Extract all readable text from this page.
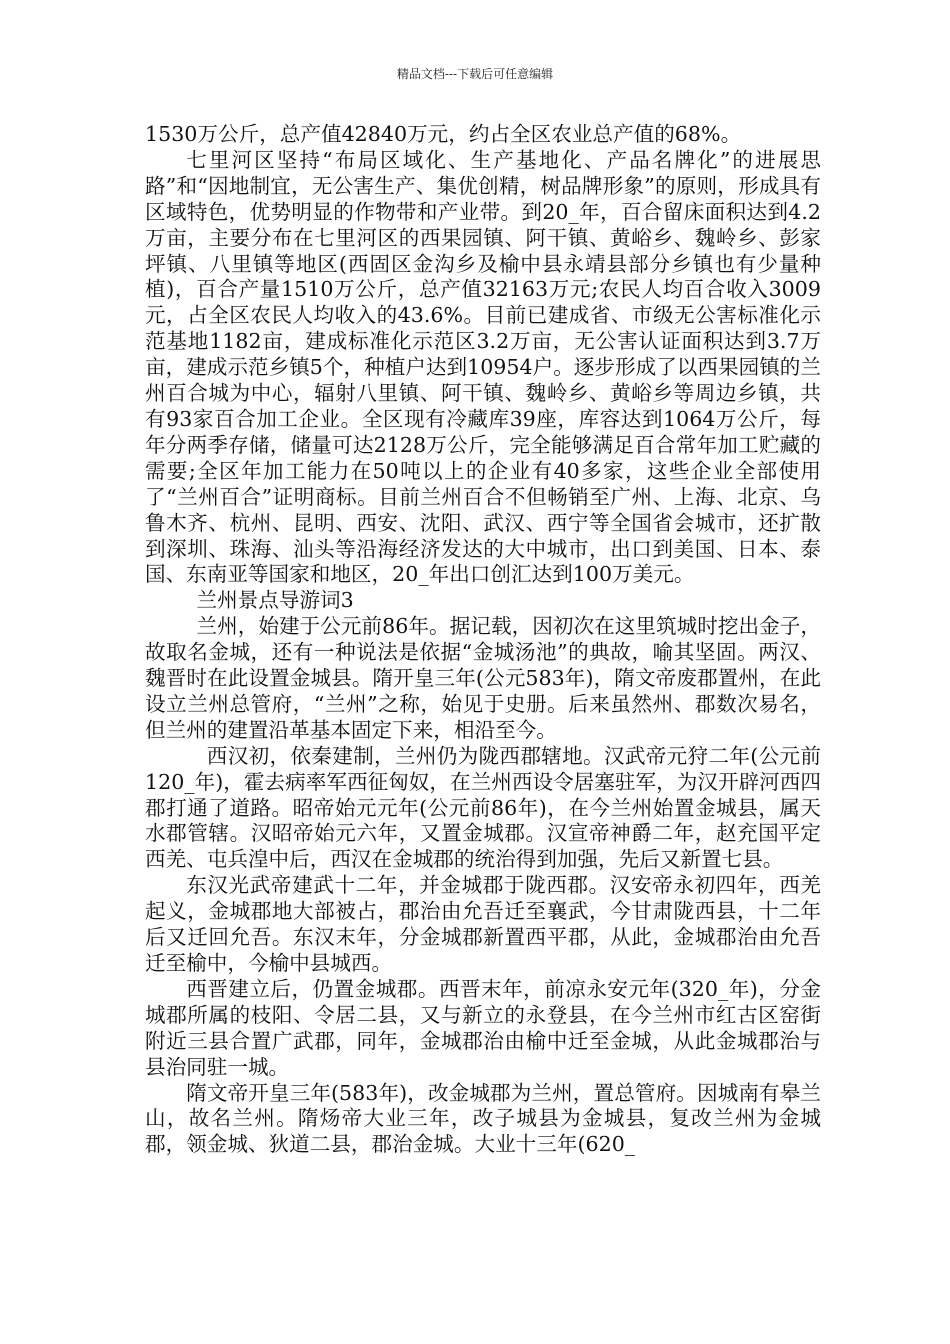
精品文档---下载后可任意编辑

1530万公斤，总产值42840万元，约占全区农业总产值的68%。

七里河区坚持“布局区域化、生产基地化、产品名牌化”的进展思路”和“因地制宜，无公害生产、集优创精，树品牌形象”的原则，形成具有区域特色，优势明显的作物带和产业带。到20_年，百合留床面积达到4.2万亩，主要分布在七里河区的西果园镇、阿干镇、黄峪乡、魏岭乡、彭家坪镇、八里镇等地区(西固区金沟乡及榆中县永靖县部分乡镇也有少量种植)，百合产量1510万公斤，总产值32163万元;农民人均百合收入3009元，占全区农民人均收入的43.6%。目前已建成省、市级无公害标准化示范基地1182亩，建成标准化示范区3.2万亩，无公害认证面积达到3.7万亩，建成示范乡镇5个，种植户达到10954户。逐步形成了以西果园镇的兰州百合城为中心，辐射八里镇、阿干镇、魏岭乡、黄峪乡等周边乡镇，共有93家百合加工企业。全区现有冷藏库39座，库容达到1064万公斤，每年分两季存储，储量可达2128万公斤，完全能够满足百合常年加工贮藏的需要;全区年加工能力在50吨以上的企业有40多家，这些企业全部使用了“兰州百合”证明商标。目前兰州百合不但畅销至广州、上海、北京、乌鲁木齐、杭州、昆明、西安、沈阳、武汉、西宁等全国省会城市，还扩散到深圳、珠海、汕头等沿海经济发达的大中城市，出口到美国、日本、泰国、东南亚等国家和地区，20_年出口创汇达到100万美元。

兰州景点导游词3

兰州，始建于公元前86年。据记载，因初次在这里筑城时挖出金子，故取名金城，还有一种说法是依据“金城汤池”的典故，喻其坚固。两汉、魏晋时在此设置金城县。隋开皇三年(公元583年)，隋文帝废郡置州，在此设立兰州总管府，“兰州”之称，始见于史册。后来虽然州、郡数次易名，但兰州的建置沿革基本固定下来，相沿至今。

西汉初，依秦建制，兰州仍为陇西郡辖地。汉武帝元狩二年(公元前120_年)，霍去病率军西征匈奴，在兰州西设令居塞驻军，为汉开辟河西四郡打通了道路。昭帝始元元年(公元前86年)，在今兰州始置金城县，属天水郡管辖。汉昭帝始元六年，又置金城郡。汉宣帝神爵二年，赵充国平定西羌、屯兵湟中后，西汉在金城郡的统治得到加强，先后又新置七县。

东汉光武帝建武十二年，并金城郡于陇西郡。汉安帝永初四年，西羌起义，金城郡地大部被占，郡治由允吾迁至襄武，今甘肃陇西县，十二年后又迁回允吾。东汉末年，分金城郡新置西平郡，从此，金城郡治由允吾迁至榆中，今榆中县城西。

西晋建立后，仍置金城郡。西晋末年，前凉永安元年(320_年)，分金城郡所属的枝阳、令居二县，又与新立的永登县，在今兰州市红古区窑街附近三县合置广武郡，同年，金城郡治由榆中迁至金城，从此金城郡治与县治同驻一城。

隋文帝开皇三年(583年)，改金城郡为兰州，置总管府。因城南有皋兰山，故名兰州。隋炀帝大业三年，改子城县为金城县，复改兰州为金城郡，领金城、狄道二县，郡治金城。大业十三年(620_
